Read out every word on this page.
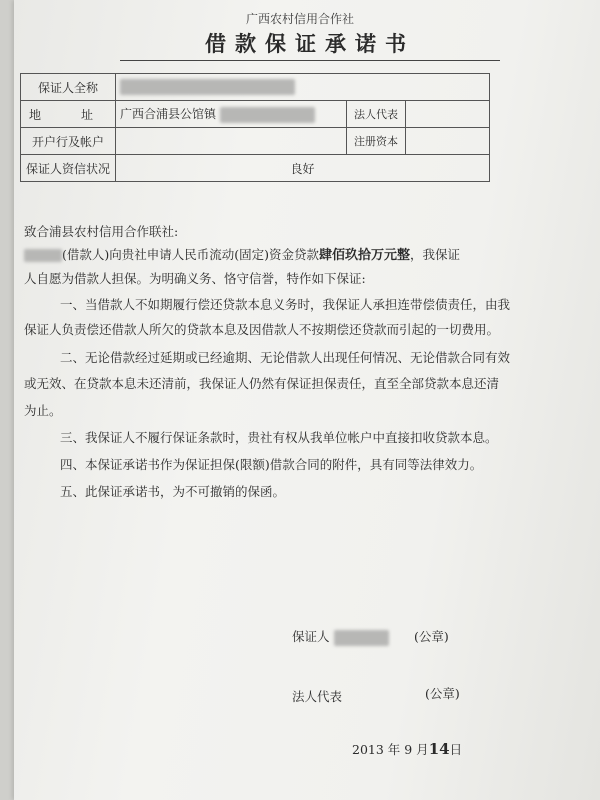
广西农村信用合作社
借款保证承诺书
保证人全称			
地　址	广西合浦县公馆镇	法人代表	
开户行及帐户		注册资本	
保证人资信状况	良好		
致合浦县农村信用合作联社:
(借款人)向贵社申请人民币流动(固定)资金贷款肆佰玖拾万元整，我保证
人自愿为借款人担保。为明确义务、恪守信誉，特作如下保证:
一、当借款人不如期履行偿还贷款本息义务时，我保证人承担连带偿债责任，由我
保证人负责偿还借款人所欠的贷款本息及因借款人不按期偿还贷款而引起的一切费用。
二、无论借款经过延期或已经逾期、无论借款人出现任何情况、无论借款合同有效
或无效、在贷款本息未还清前，我保证人仍然有保证担保责任，直至全部贷款本息还清
为止。
三、我保证人不履行保证条款时，贵社有权从我单位帐户中直接扣收贷款本息。
四、本保证承诺书作为保证担保(限额)借款合同的附件，具有同等法律效力。
五、此保证承诺书，为不可撤销的保函。
保证人	(公章)
法人代表	(公章)
2013 年 9 月14日
